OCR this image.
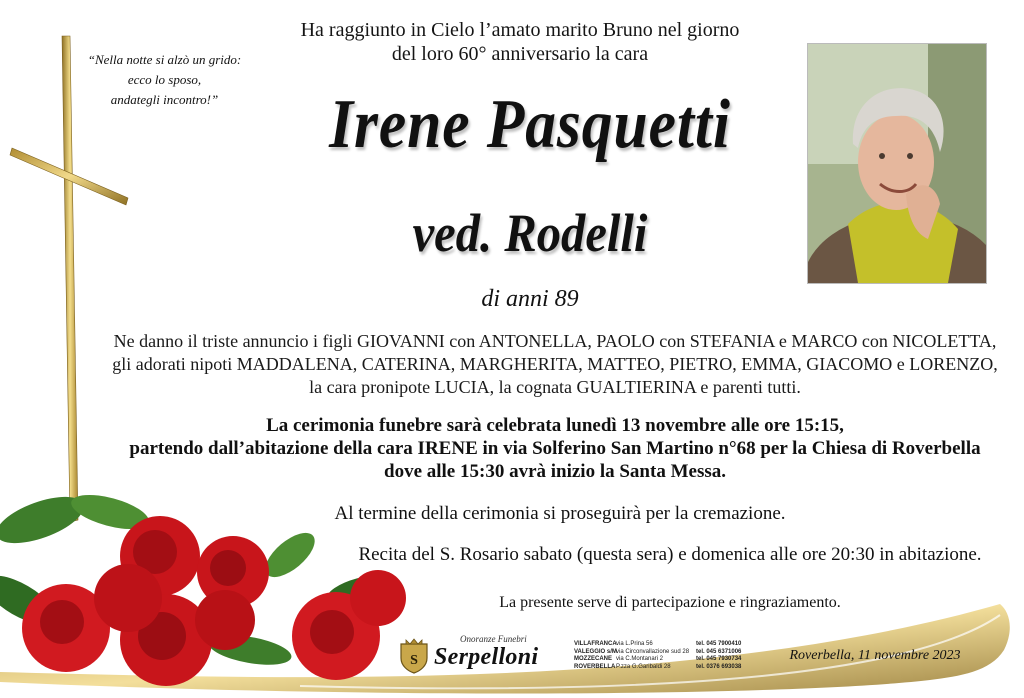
Ha raggiunto in Cielo l’amato marito Bruno nel giorno
del loro 60° anniversario la cara
“Nella notte si alzò un grido:
ecco lo sposo,
andategli incontro!”	Irene Pasquetti
ved. Rodelli
di anni 89
Ne danno il triste annuncio i figli GIOVANNI con ANTONELLA, PAOLO con STEFANIA e MARCO con NICOLETTA,
gli adorati nipoti MADDALENA, CATERINA, MARGHERITA, MATTEO, PIETRO, EMMA, GIACOMO e LORENZO,
la cara pronipote LUCIA, la cognata GUALTIERINA e parenti tutti.
La cerimonia funebre sarà celebrata lunedì 13 novembre alle ore 15:15,
partendo dall’abitazione della cara IRENE in via Solferino San Martino n°68 per la Chiesa di Roverbella
dove alle 15:30 avrà inizio la Santa Messa.
Al termine della cerimonia si proseguirà per la cremazione.
Recita del S. Rosario sabato (questa sera) e domenica alle ore 20:30 in abitazione.
La presente serve di partecipazione e ringraziamento.
S
Onoranze Funebri
Serpelloni	VILLAFRANCA via L.Prina 56	tel. 045 7900410
VALEGGIO s/M via Circonvallazione sud 28	tel. 045 6371006
MOZZECANE via C.Montanari 2	tel. 045 7930734
ROVERBELLA P.zza G.Garibaldi 28	tel. 0376 693038
Roverbella, 11 novembre 2023
